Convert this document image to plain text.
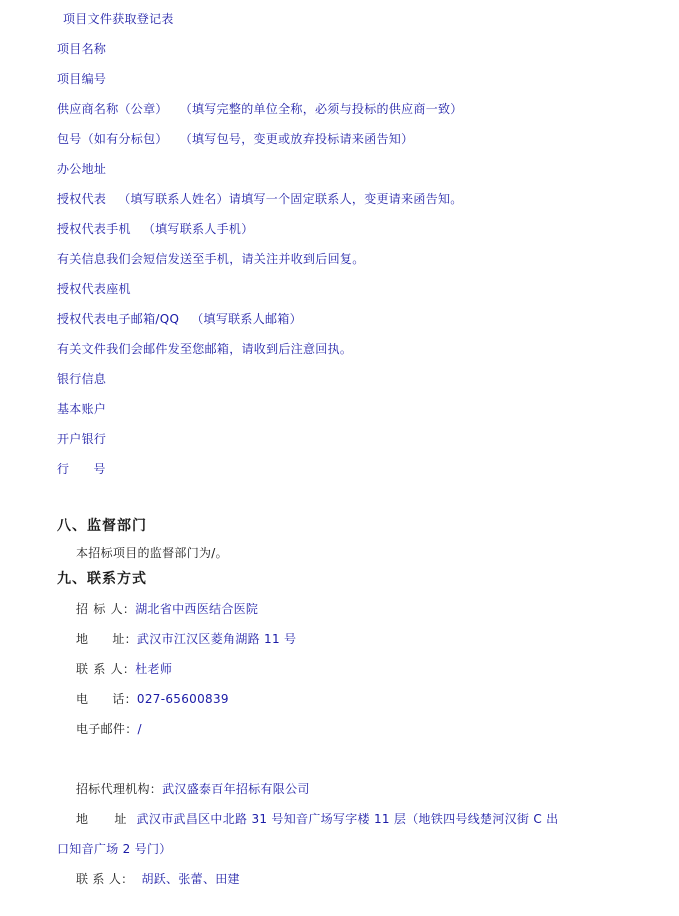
项目文件获取登记表
项目名称
项目编号
供应商名称（公章） （填写完整的单位全称，必须与投标的供应商一致）
包号（如有分标包） （填写包号，变更或放弃投标请来函告知）
办公地址
授权代表 （填写联系人姓名）请填写一个固定联系人，变更请来函告知。
授权代表手机 （填写联系人手机）
有关信息我们会短信发送至手机，请关注并收到后回复。
授权代表座机
授权代表电子邮箱/QQ （填写联系人邮箱）
有关文件我们会邮件发至您邮箱，请收到后注意回执。
银行信息
基本账户
开户银行
行 号
八、监督部门
本招标项目的监督部门为/。
九、联系方式
招 标 人：湖北省中西医结合医院
地 址：武汉市江汉区菱角湖路 11 号
联 系 人：杜老师
电 话：027-65600839
电子邮件：/
招标代理机构：武汉盛泰百年招标有限公司
地 址 武汉市武昌区中北路 31 号知音广场写字楼 11 层（地铁四号线楚河汉街 C 出
口知音广场 2 号门）
联 系 人： 胡跃、张蕾、田建
